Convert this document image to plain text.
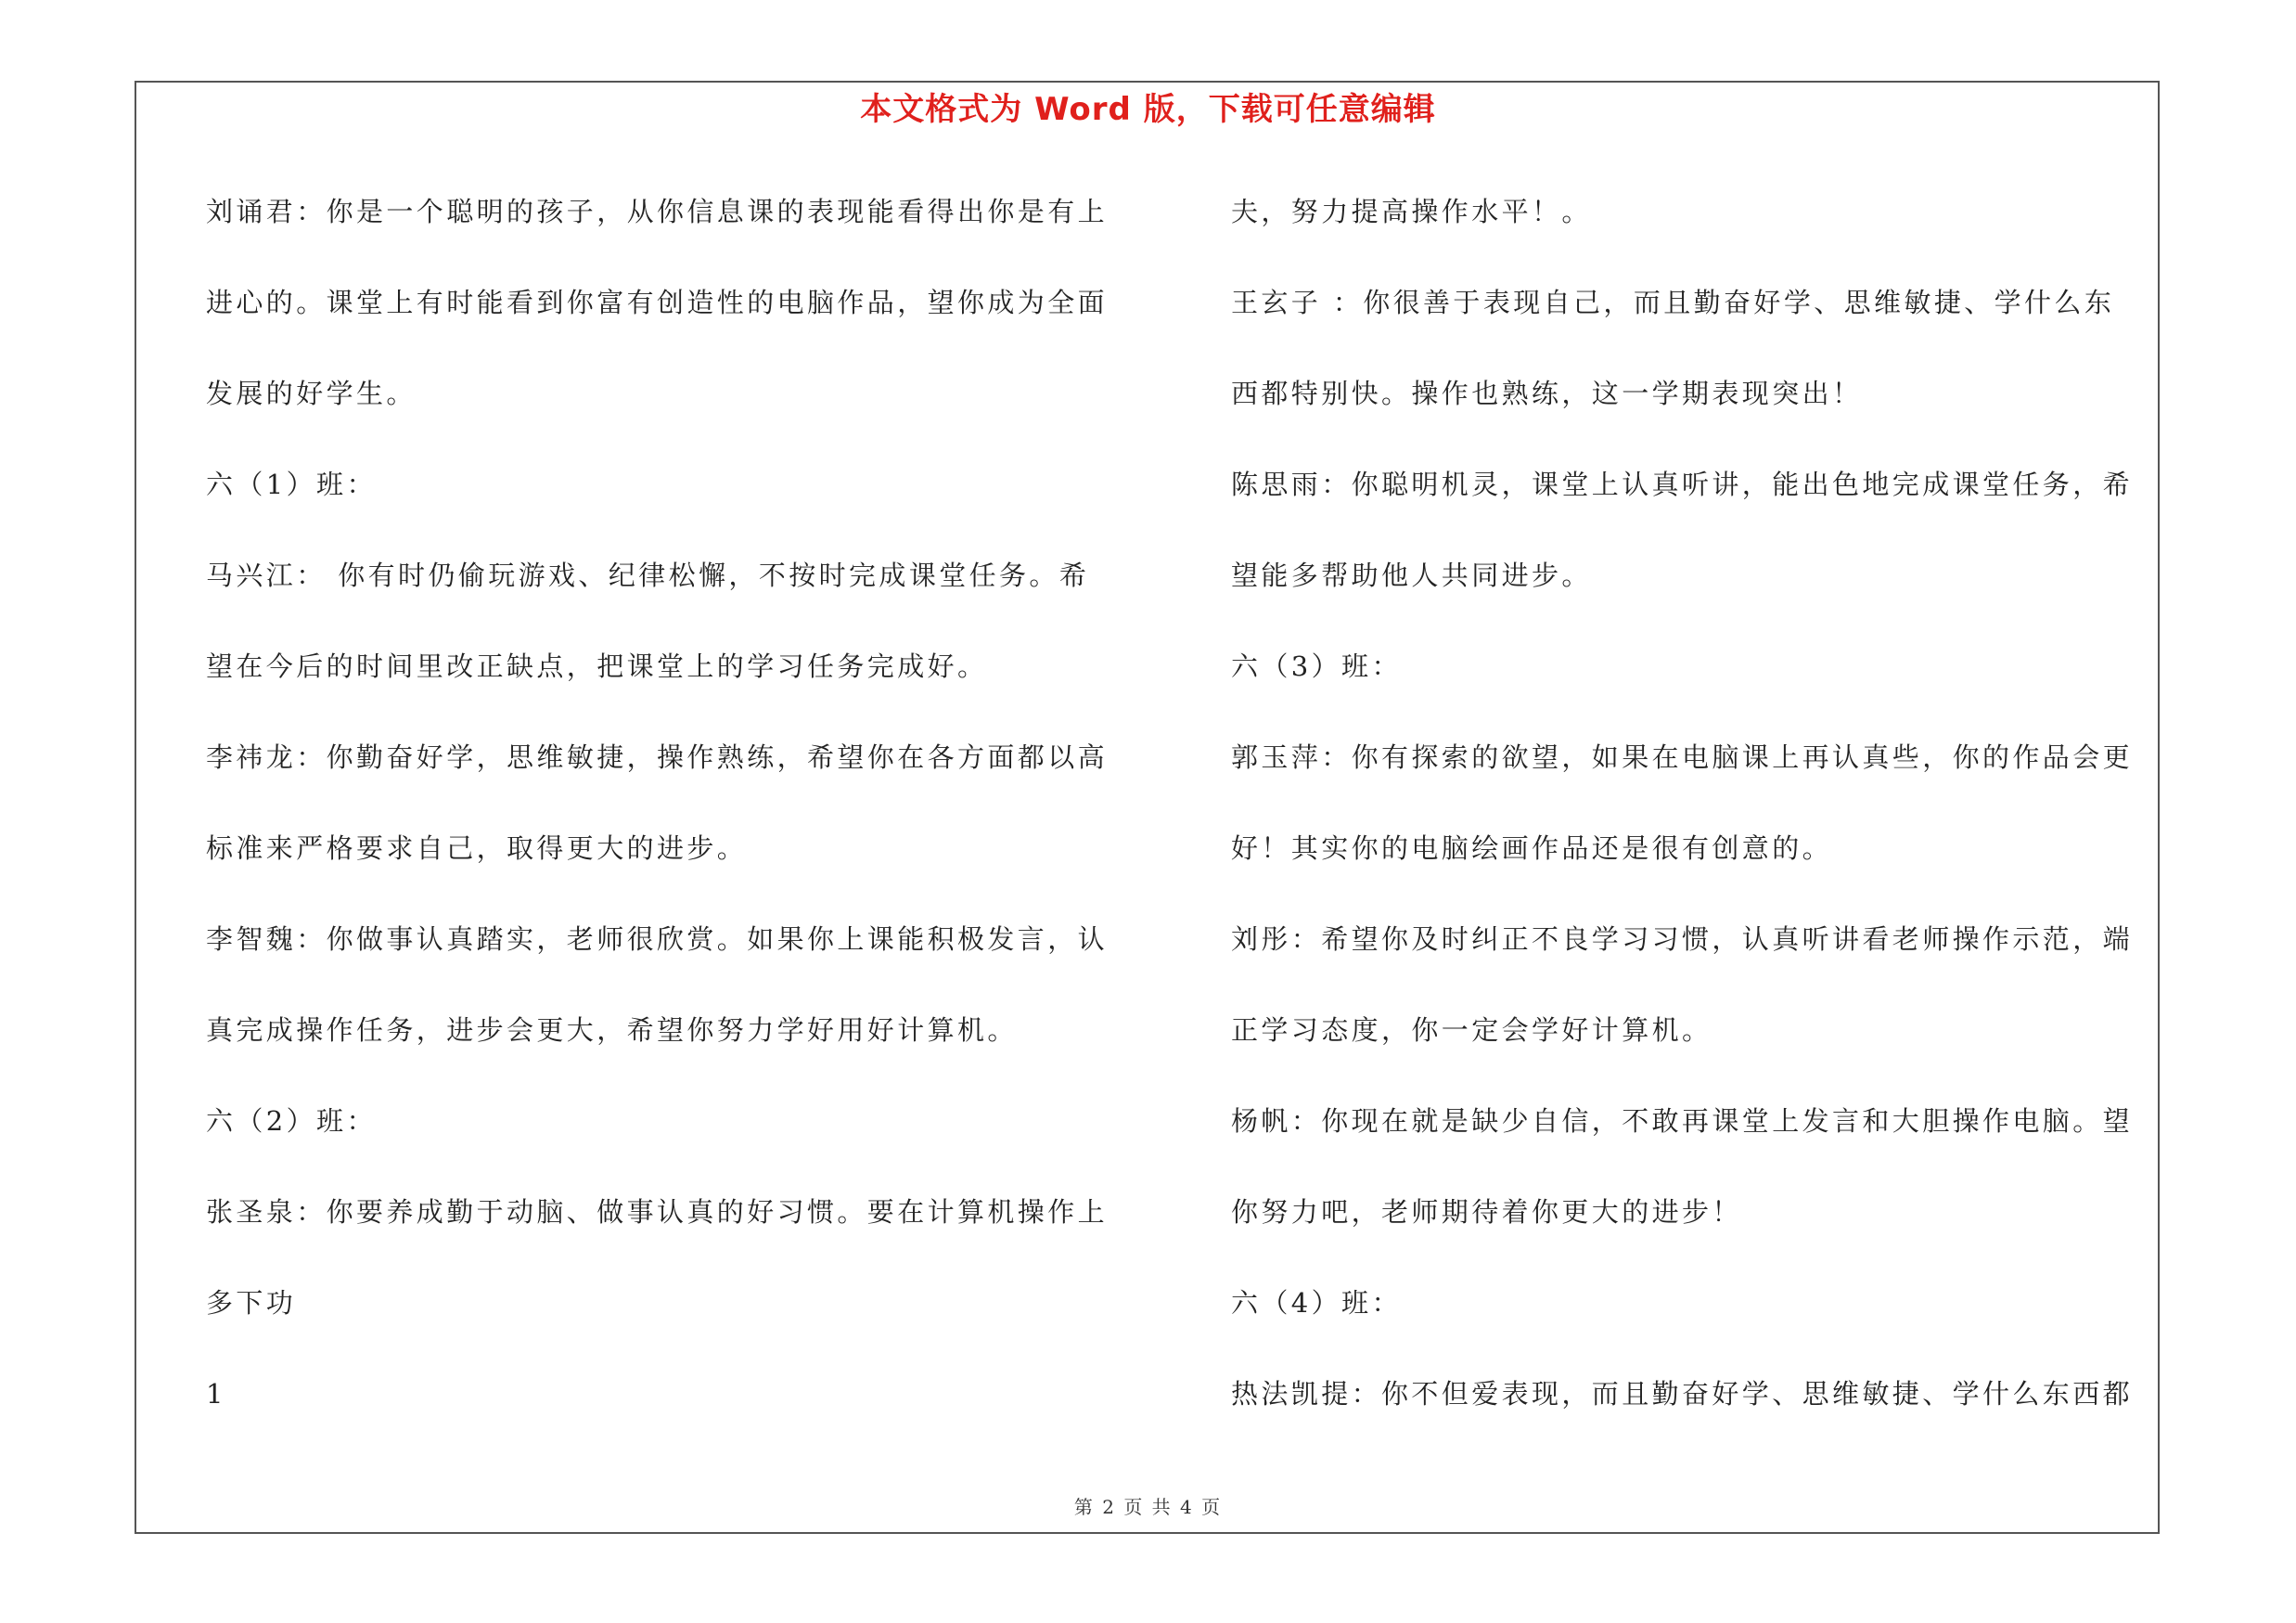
本文格式为 Word 版，下载可任意编辑
刘诵君：你是一个聪明的孩子，从你信息课的表现能看得出你是有上
进心的。课堂上有时能看到你富有创造性的电脑作品，望你成为全面
发展的好学生。
六（1）班：
马兴江： 你有时仍偷玩游戏、纪律松懈，不按时完成课堂任务。希
望在今后的时间里改正缺点，把课堂上的学习任务完成好。
李祎龙：你勤奋好学，思维敏捷，操作熟练，希望你在各方面都以高
标准来严格要求自己，取得更大的进步。
李智魏：你做事认真踏实，老师很欣赏。如果你上课能积极发言，认
真完成操作任务，进步会更大，希望你努力学好用好计算机。
六（2）班：
张圣泉：你要养成勤于动脑、做事认真的好习惯。要在计算机操作上
多下功
1
夫，努力提高操作水平！。
王玄子 ：你很善于表现自己，而且勤奋好学、思维敏捷、学什么东
西都特别快。操作也熟练，这一学期表现突出！
陈思雨：你聪明机灵，课堂上认真听讲，能出色地完成课堂任务，希
望能多帮助他人共同进步。
六（3）班：
郭玉萍：你有探索的欲望，如果在电脑课上再认真些，你的作品会更
好！其实你的电脑绘画作品还是很有创意的。
刘彤：希望你及时纠正不良学习习惯，认真听讲看老师操作示范，端
正学习态度，你一定会学好计算机。
杨帆：你现在就是缺少自信，不敢再课堂上发言和大胆操作电脑。望
你努力吧，老师期待着你更大的进步！
六（4）班：
热法凯提：你不但爱表现，而且勤奋好学、思维敏捷、学什么东西都
第 2 页 共 4 页
